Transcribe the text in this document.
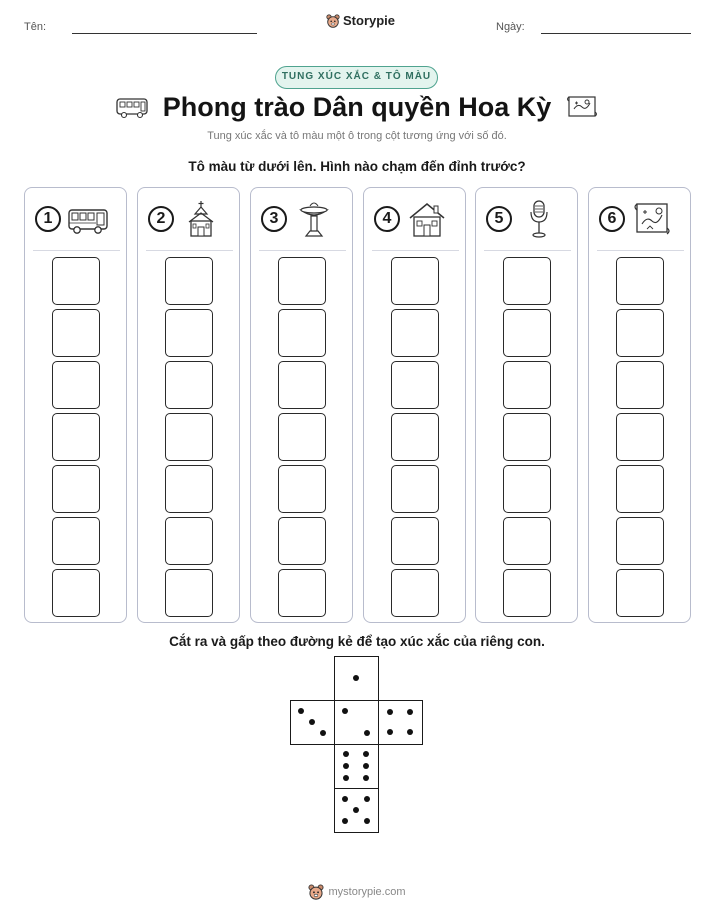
Tên:	Storypie	Ngày:
TUNG XÚC XẮC & TÔ MÀU
Phong trào Dân quyền Hoa Kỳ
Tung xúc xắc và tô màu một ô trong cột tương ứng với số đó.
Tô màu từ dưới lên. Hình nào chạm đến đỉnh trước?
1	2	3	4	5	6
Cắt ra và gấp theo đường kẻ để tạo xúc xắc của riêng con.
mystorypie.com
